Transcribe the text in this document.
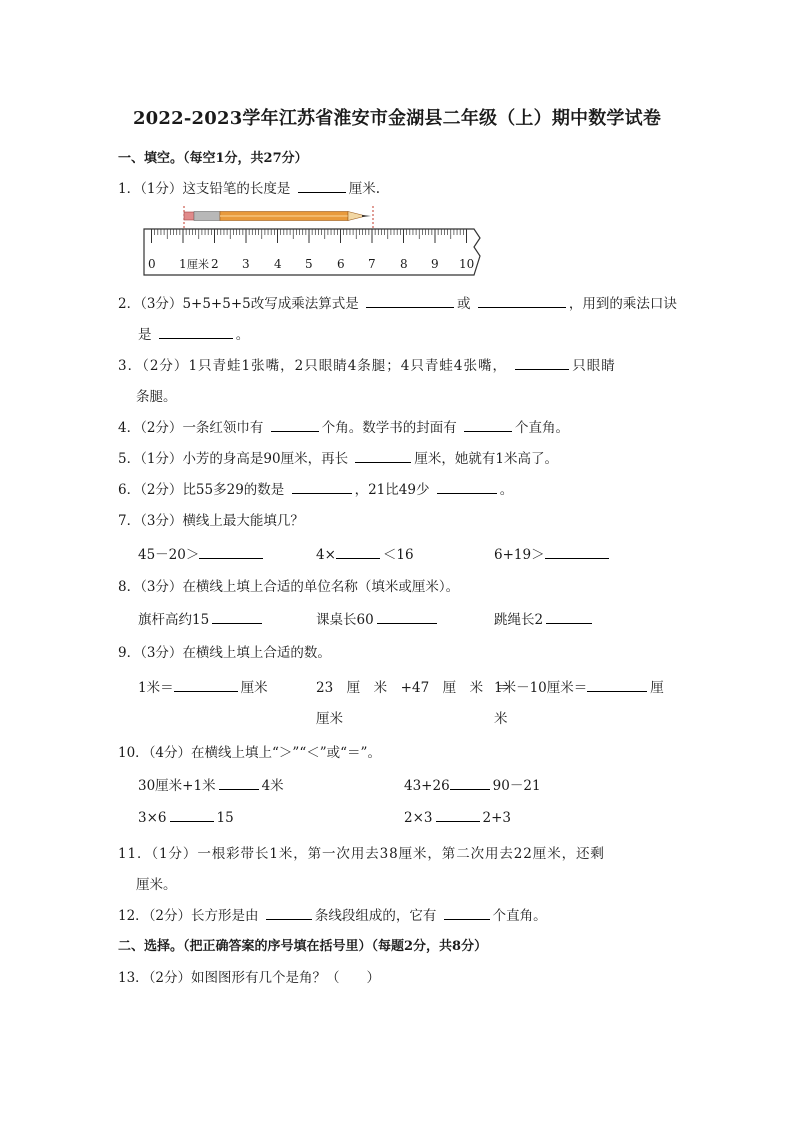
2022-2023学年江苏省淮安市金湖县二年级（上）期中数学试卷
一、填空。（每空1分，共27分）
1．（1分）这支铅笔的长度是	厘米.
0 1 厘米 2 3 4 5 6 7 8 9 10
2．（3分）5+5+5+5改写成乘法算式是	或	，用到的乘法口诀
是	。
3．（2分）1只青蛙1张嘴，2只眼睛4条腿；4只青蛙4张嘴，	只眼睛
条腿。
4．（2分）一条红领巾有	个角。数学书的封面有	个直角。
5．（1分）小芳的身高是90厘米，再长	厘米，她就有1米高了。
6．（2分）比55多29的数是	，21比49少	。
7．（3分）横线上最大能填几？
45－20＞	4×	＜16	6+19＞
8．（3分）在横线上填上合适的单位名称（填米或厘米）。
旗杆高约15	课桌长60	跳绳长2
9．（3分）在横线上填上合适的数。
1米＝	厘米	23　厘　米　+47　厘　米　＝
厘米
1米－10厘米＝	厘
米
10．（4分）在横线上填上“＞”“＜”或“＝”。
30厘米+1米	4米	43+26	90－21
3×6	15	2×3	2+3
11．（1分）一根彩带长1米，第一次用去38厘米，第二次用去22厘米，还剩
厘米。
12．（2分）长方形是由	条线段组成的，它有	个直角。
二、选择。（把正确答案的序号填在括号里）（每题2分，共8分）
13．（2分）如图图形有几个是角？（　　）
